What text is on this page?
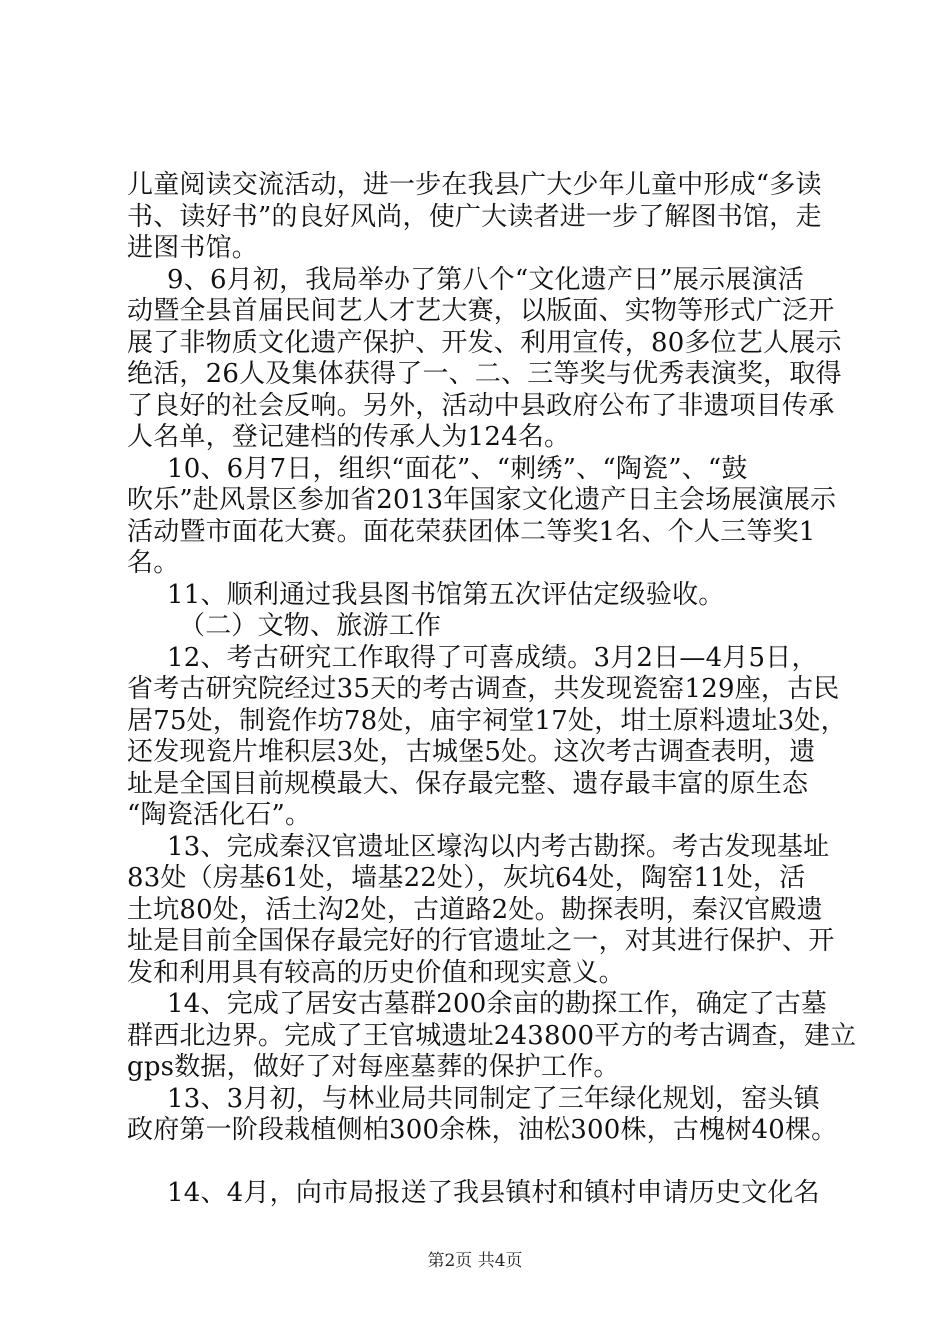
儿童阅读交流活动，进一步在我县广大少年儿童中形成“多读
书、读好书”的良好风尚，使广大读者进一步了解图书馆，走
进图书馆。
9、6月初，我局举办了第八个“文化遗产日”展示展演活
动暨全县首届民间艺人才艺大赛，以版面、实物等形式广泛开
展了非物质文化遗产保护、开发、利用宣传，80多位艺人展示
绝活，26人及集体获得了一、二、三等奖与优秀表演奖，取得
了良好的社会反响。另外，活动中县政府公布了非遗项目传承
人名单，登记建档的传承人为124名。
10、6月7日，组织“面花”、“刺绣”、“陶瓷”、“鼓
吹乐”赴风景区参加省2013年国家文化遗产日主会场展演展示
活动暨市面花大赛。面花荣获团体二等奖1名、个人三等奖1
名。
11、顺利通过我县图书馆第五次评估定级验收。
（二）文物、旅游工作
12、考古研究工作取得了可喜成绩。3月2日—4月5日，
省考古研究院经过35天的考古调查，共发现瓷窑129座，古民
居75处，制瓷作坊78处，庙宇祠堂17处，坩土原料遗址3处，
还发现瓷片堆积层3处，古城堡5处。这次考古调查表明，遗
址是全国目前规模最大、保存最完整、遗存最丰富的原生态
“陶瓷活化石”。
13、完成秦汉官遗址区壕沟以内考古勘探。考古发现基址
83处（房基61处，墙基22处），灰坑64处，陶窑11处，活
土坑80处，活土沟2处，古道路2处。勘探表明，秦汉官殿遗
址是目前全国保存最完好的行官遗址之一，对其进行保护、开
发和利用具有较高的历史价值和现实意义。
14、完成了居安古墓群200余亩的勘探工作，确定了古墓
群西北边界。完成了王官城遗址243800平方的考古调查，建立
gps数据，做好了对每座墓葬的保护工作。
13、3月初，与林业局共同制定了三年绿化规划，窑头镇
政府第一阶段栽植侧柏300余株，油松300株，古槐树40棵。
14、4月，向市局报送了我县镇村和镇村申请历史文化名
第2页 共4页
